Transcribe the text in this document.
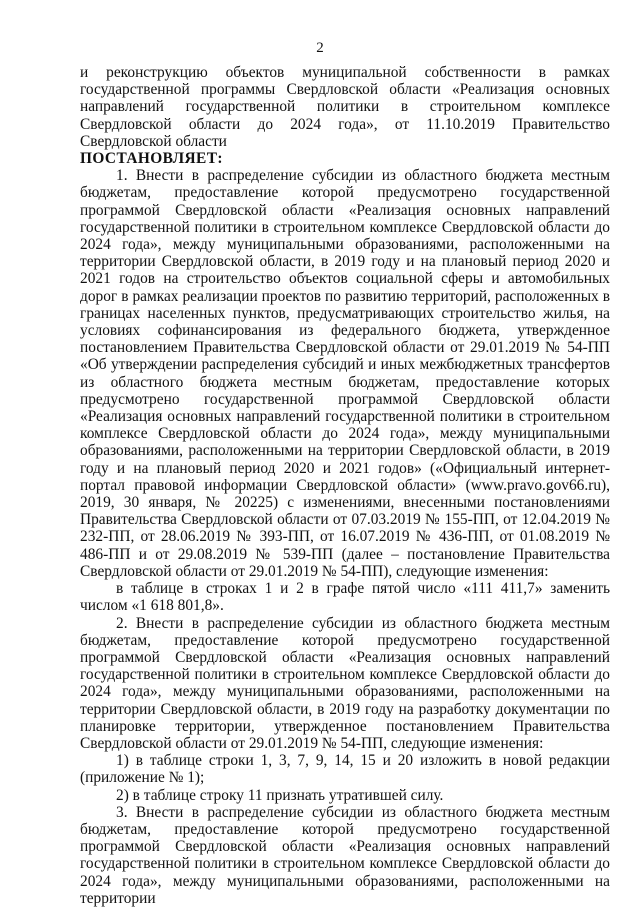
2

и реконструкцию объектов муниципальной собственности в рамках государственной программы Свердловской области «Реализация основных направлений государственной политики в строительном комплексе Свердловской области до 2024 года», от 11.10.2019 Правительство Свердловской области

ПОСТАНОВЛЯЕТ:

1. Внести в распределение субсидии из областного бюджета местным бюджетам, предоставление которой предусмотрено государственной программой Свердловской области «Реализация основных направлений государственной политики в строительном комплексе Свердловской области до 2024 года», между муниципальными образованиями, расположенными на территории Свердловской области, в 2019 году и на плановый период 2020 и 2021 годов на строительство объектов социальной сферы и автомобильных дорог в рамках реализации проектов по развитию территорий, расположенных в границах населенных пунктов, предусматривающих строительство жилья, на условиях софинансирования из федерального бюджета, утвержденное постановлением Правительства Свердловской области от 29.01.2019 № 54-ПП «Об утверждении распределения субсидий и иных межбюджетных трансфертов из областного бюджета местным бюджетам, предоставление которых предусмотрено государственной программой Свердловской области «Реализация основных направлений государственной политики в строительном комплексе Свердловской области до 2024 года», между муниципальными образованиями, расположенными на территории Свердловской области, в 2019 году и на плановый период 2020 и 2021 годов» («Официальный интернет-портал правовой информации Свердловской области» (www.pravo.gov66.ru), 2019, 30 января, № 20225) с изменениями, внесенными постановлениями Правительства Свердловской области от 07.03.2019 № 155-ПП, от 12.04.2019 № 232-ПП, от 28.06.2019 № 393-ПП, от 16.07.2019 № 436-ПП, от 01.08.2019 № 486-ПП и от 29.08.2019 № 539-ПП (далее – постановление Правительства Свердловской области от 29.01.2019 № 54-ПП), следующие изменения:

в таблице в строках 1 и 2 в графе пятой число «111 411,7» заменить числом «1 618 801,8».

2. Внести в распределение субсидии из областного бюджета местным бюджетам, предоставление которой предусмотрено государственной программой Свердловской области «Реализация основных направлений государственной политики в строительном комплексе Свердловской области до 2024 года», между муниципальными образованиями, расположенными на территории Свердловской области, в 2019 году на разработку документации по планировке территории, утвержденное постановлением Правительства Свердловской области от 29.01.2019 № 54-ПП, следующие изменения:

1) в таблице строки 1, 3, 7, 9, 14, 15 и 20 изложить в новой редакции (приложение № 1);

2) в таблице строку 11 признать утратившей силу.

3. Внести в распределение субсидии из областного бюджета местным бюджетам, предоставление которой предусмотрено государственной программой Свердловской области «Реализация основных направлений государственной политики в строительном комплексе Свердловской области до 2024 года», между муниципальными образованиями, расположенными на территории
